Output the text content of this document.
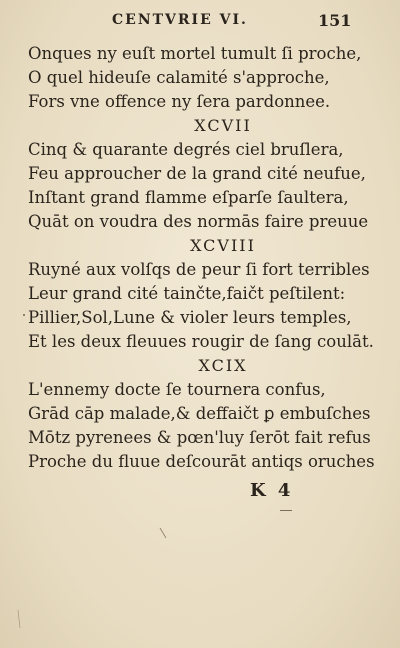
CENTVRIE VI.	151
Onques ny euſt mortel tumult ſi proche,
O quel hideuſe calamité s'approche,
Fors vne offence ny ſera pardonnee.
XCVII
Cinq & quarante degrés ciel bruſlera,
Feu approucher de la grand cité neufue,
Inſtant grand flamme eſparſe ſaultera,
Quāt on voudra des normās faire preuue
XCVIII
Ruyné aux volſqs de peur ſi fort terribles
Leur grand cité tainčte,faičt peſtilent:
Pillier,Sol,Lune & violer leurs temples,
Et les deux fleuues rougir de ſang coulāt.
XCIX
L'ennemy docte ſe tournera confus,
Grād cāp malade,& deffaičt ꝑ embuſches
Mōtz pyrenees & pœn'luy ſerōt fait refus
Proche du fluue deſcourāt antiqs oruches
K 4
